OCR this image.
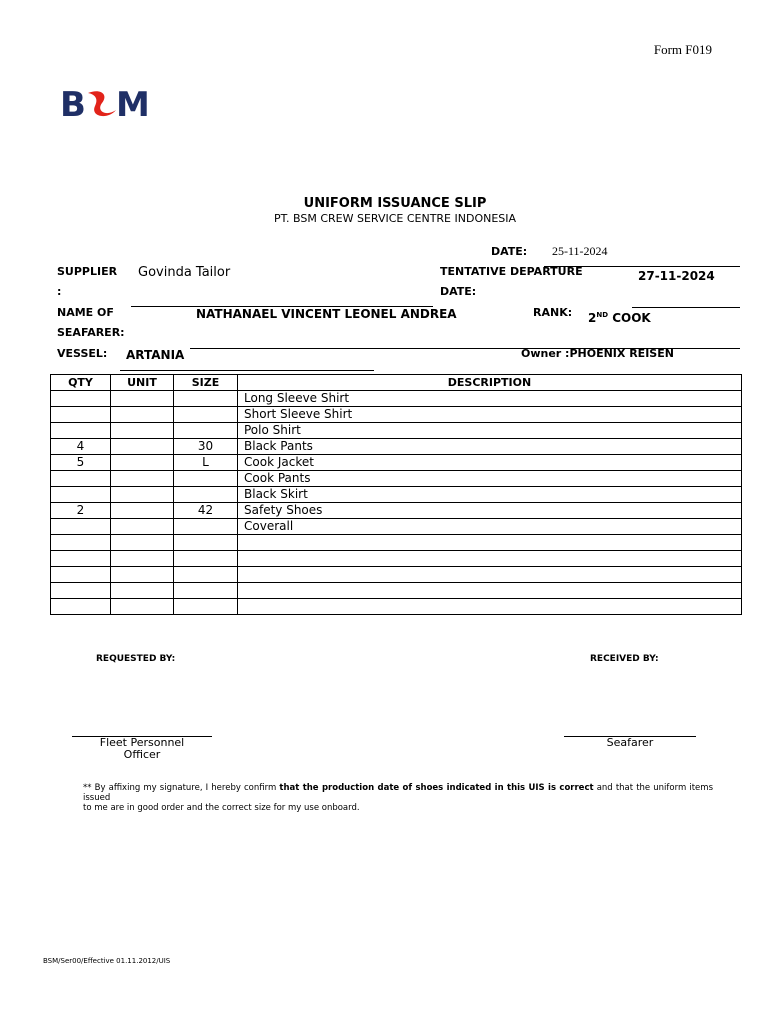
Form F019
B M
UNIFORM ISSUANCE SLIP
PT. BSM CREW SERVICE CENTRE INDONESIA
DATE: 25-11-2024
SUPPLIER
:
Govinda Tailor	TENTATIVE DEPARTURE
DATE:
27-11-2024
NAME OF
SEAFARER:
NATHANAEL VINCENT LEONEL ANDREA	RANK: 2ND COOK
VESSEL: ARTANIA	Owner :PHOENIX REISEN
QTY	UNIT	SIZE	DESCRIPTION
			Long Sleeve Shirt
			Short Sleeve Shirt
			Polo Shirt
4		30	Black Pants
5		L	Cook Jacket
			Cook Pants
			Black Skirt
2		42	Safety Shoes
			Coverall

REQUESTED BY:	RECEIVED BY:
Fleet Personnel
Officer
Seafarer
** By affixing my signature, I hereby confirm that the production date of shoes indicated in this UIS is correct and that the uniform items issued
to me are in good order and the correct size for my use onboard.
BSM/Ser00/Effective 01.11.2012/UIS
